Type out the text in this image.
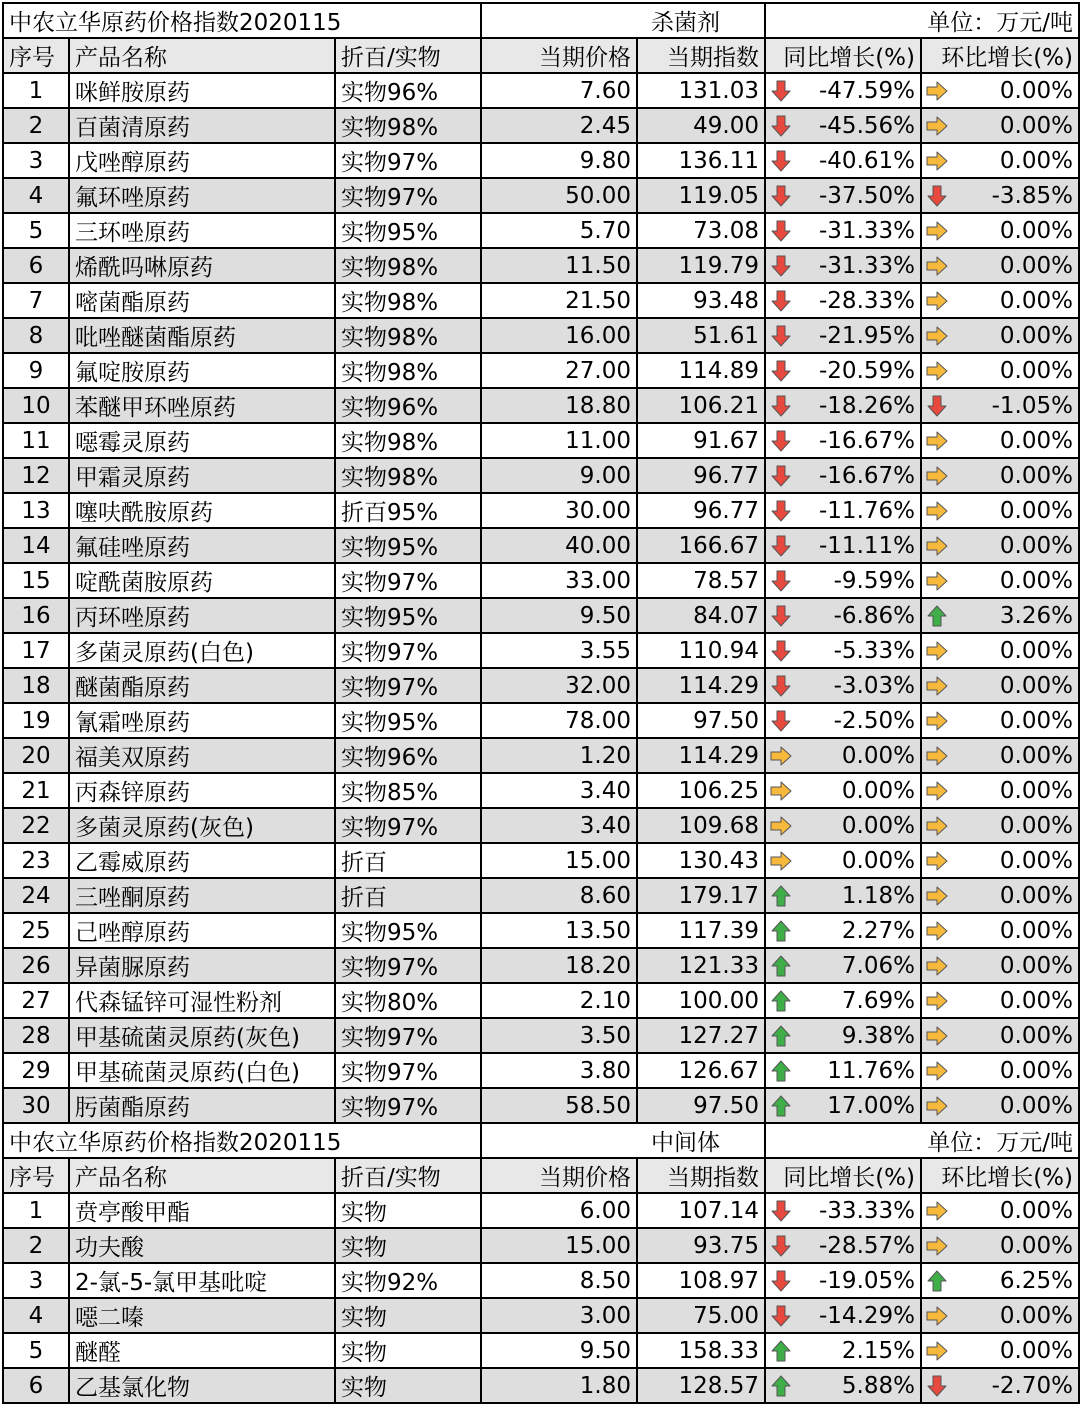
中农立华原药价格指数2020115			杀菌剂		单位：万元/吨	
序号	产品名称	折百/实物	当期价格	当期指数	同比增长(%)	环比增长(%)
1	咪鲜胺原药	实物96%	7.60	131.03	-47.59%	0.00%
2	百菌清原药	实物98%	2.45	49.00	-45.56%	0.00%
3	戊唑醇原药	实物97%	9.80	136.11	-40.61%	0.00%
4	氟环唑原药	实物97%	50.00	119.05	-37.50%	-3.85%
5	三环唑原药	实物95%	5.70	73.08	-31.33%	0.00%
6	烯酰吗啉原药	实物98%	11.50	119.79	-31.33%	0.00%
7	嘧菌酯原药	实物98%	21.50	93.48	-28.33%	0.00%
8	吡唑醚菌酯原药	实物98%	16.00	51.61	-21.95%	0.00%
9	氟啶胺原药	实物98%	27.00	114.89	-20.59%	0.00%
10	苯醚甲环唑原药	实物96%	18.80	106.21	-18.26%	-1.05%
11	噁霉灵原药	实物98%	11.00	91.67	-16.67%	0.00%
12	甲霜灵原药	实物98%	9.00	96.77	-16.67%	0.00%
13	噻呋酰胺原药	折百95%	30.00	96.77	-11.76%	0.00%
14	氟硅唑原药	实物95%	40.00	166.67	-11.11%	0.00%
15	啶酰菌胺原药	实物97%	33.00	78.57	-9.59%	0.00%
16	丙环唑原药	实物95%	9.50	84.07	-6.86%	3.26%
17	多菌灵原药(白色)	实物97%	3.55	110.94	-5.33%	0.00%
18	醚菌酯原药	实物97%	32.00	114.29	-3.03%	0.00%
19	氰霜唑原药	实物95%	78.00	97.50	-2.50%	0.00%
20	福美双原药	实物96%	1.20	114.29	0.00%	0.00%
21	丙森锌原药	实物85%	3.40	106.25	0.00%	0.00%
22	多菌灵原药(灰色)	实物97%	3.40	109.68	0.00%	0.00%
23	乙霉威原药	折百	15.00	130.43	0.00%	0.00%
24	三唑酮原药	折百	8.60	179.17	1.18%	0.00%
25	己唑醇原药	实物95%	13.50	117.39	2.27%	0.00%
26	异菌脲原药	实物97%	18.20	121.33	7.06%	0.00%
27	代森锰锌可湿性粉剂	实物80%	2.10	100.00	7.69%	0.00%
28	甲基硫菌灵原药(灰色)	实物97%	3.50	127.27	9.38%	0.00%
29	甲基硫菌灵原药(白色)	实物97%	3.80	126.67	11.76%	0.00%
30	肟菌酯原药	实物97%	58.50	97.50	17.00%	0.00%
中农立华原药价格指数2020115			中间体		单位：万元/吨	
序号	产品名称	折百/实物	当期价格	当期指数	同比增长(%)	环比增长(%)
1	贲亭酸甲酯	实物	6.00	107.14	-33.33%	0.00%
2	功夫酸	实物	15.00	93.75	-28.57%	0.00%
3	2-氯-5-氯甲基吡啶	实物92%	8.50	108.97	-19.05%	6.25%
4	噁二嗪	实物	3.00	75.00	-14.29%	0.00%
5	醚醛	实物	9.50	158.33	2.15%	0.00%
6	乙基氯化物	实物	1.80	128.57	5.88%	-2.70%
